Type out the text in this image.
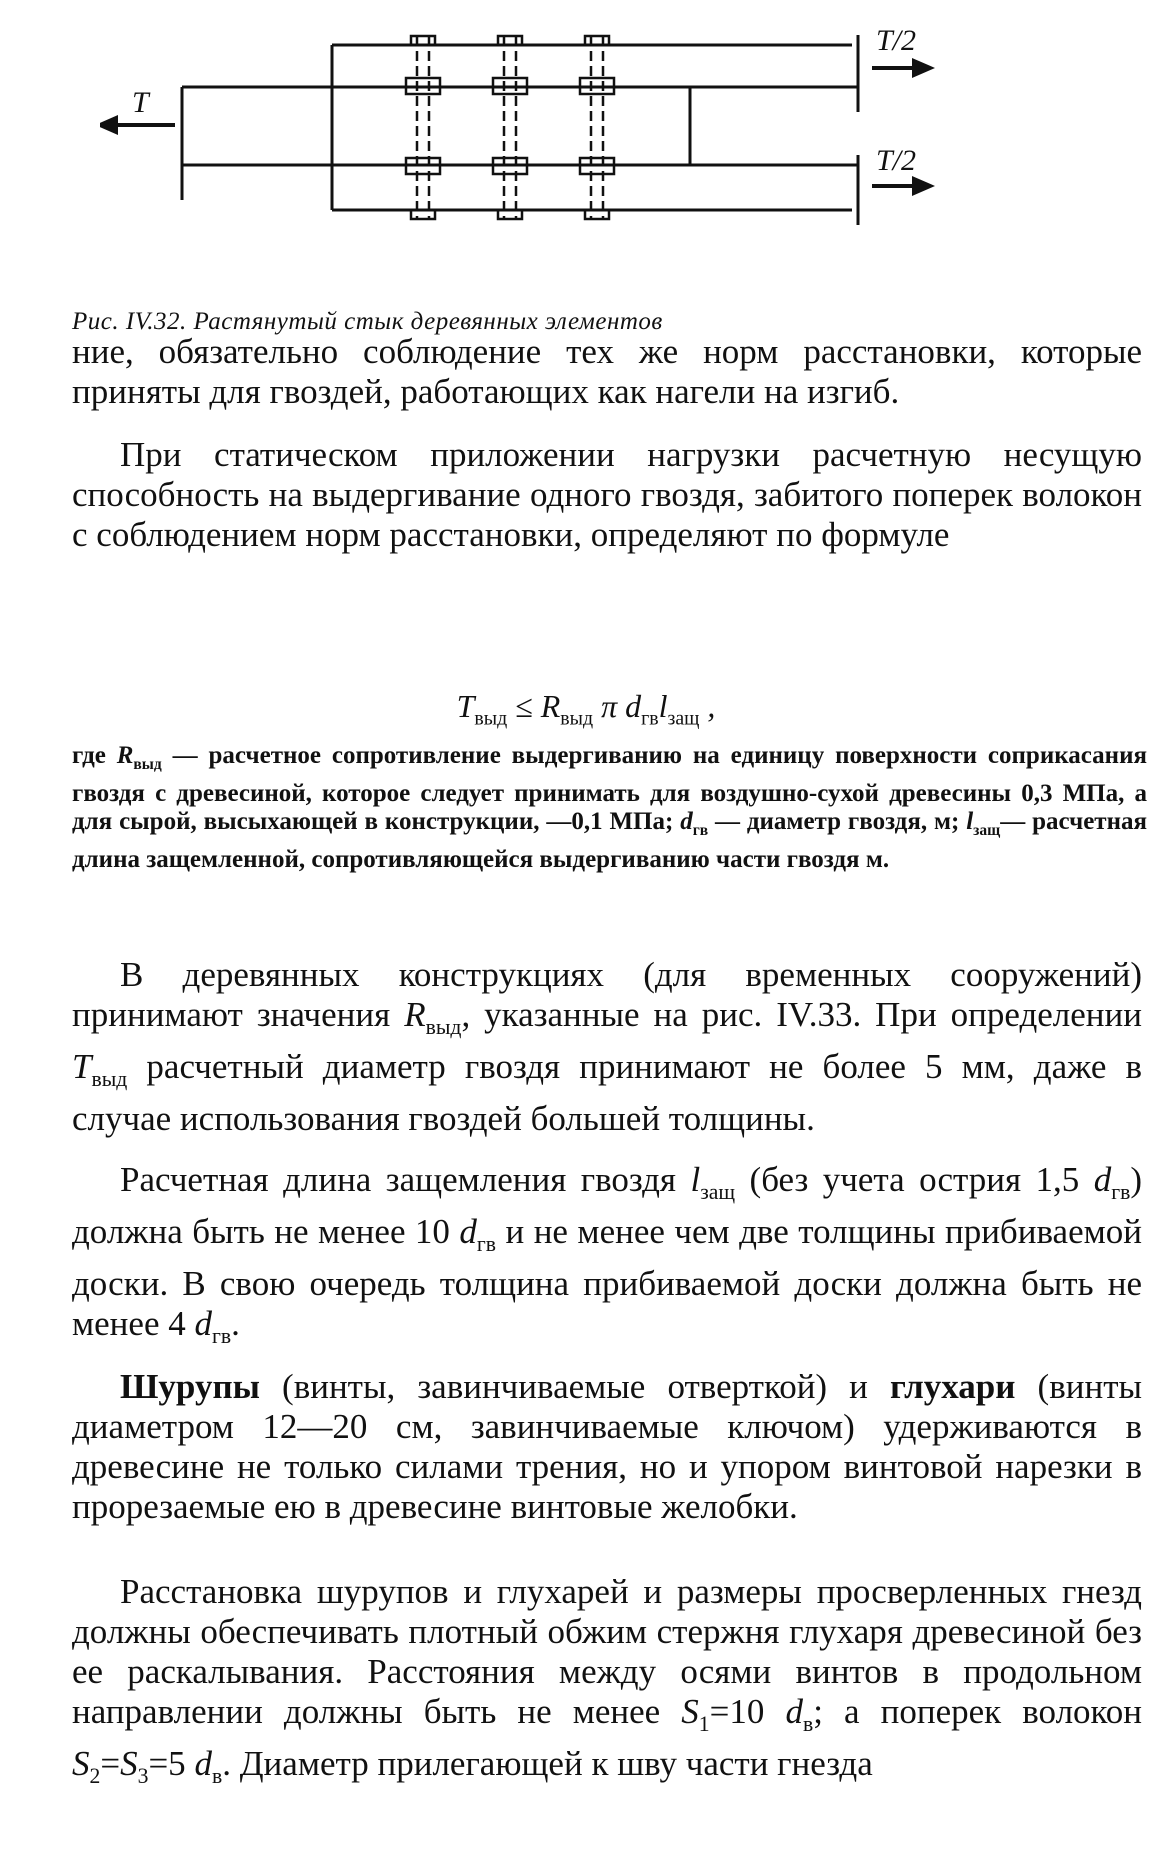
T
T/2
T/2
Рис. IV.32. Растянутый стык деревянных элементов

ние, обязательно соблюдение тех же норм расстановки, которые приняты для гвоздей, работающих как нагели на изгиб.

При статическом приложении нагрузки расчетную несущую способность на выдергивание одного гвоздя, забитого поперек волокон с соблюдением норм расстановки, определяют по формуле

$T_{выд} \le R_{выд}$ π $d_{гв}l_{защ}$ ,

где $R_{выд}$ — расчетное сопротивление выдергиванию на единицу поверхности соприкасания гвоздя с древесиной, которое следует принимать для воздушно-сухой древесины 0,3 МПа, а для сырой, высыхающей в конструкции, —0,1 МПа; $d_{гв}$ — диаметр гвоздя, м; $l_{защ}—$ расчетная длина защемленной, сопротивляющейся выдергиванию части гвоздя м.

В деревянных конструкциях (для временных сооружений) принимают значения $R_{выд}$, указанные на рис. IV.33. При определении $T_{выд}$ расчетный диаметр гвоздя принимают не более 5 мм, даже в случае использования гвоздей большей толщины.

Расчетная длина защемления гвоздя $l_{защ}$ (без учета острия 1,5 $d_{гв}$) должна быть не менее 10 $d_{гв}$ и не менее чем две толщины прибиваемой доски. В свою очередь толщина прибиваемой доски должна быть не менее 4 $d_{гв}$.

Шурупы (винты, завинчиваемые отверткой) и глухари (винты диаметром 12—20 см, завинчиваемые ключом) удерживаются в древесине не только силами трения, но и упором винтовой нарезки в прорезаемые ею в древесине винтовые желобки.

Расстановка шурупов и глухарей и размеры просверленных гнезд должны обеспечивать плотный обжим стержня глухаря древесиной без ее раскалывания. Расстояния между осями винтов в продольном направлении должны быть не менее $S_1=10$ $d_в$; а поперек волокон $S_2=S_3=5$ $d_в$. Диаметр прилегающей к шву части гнезда
